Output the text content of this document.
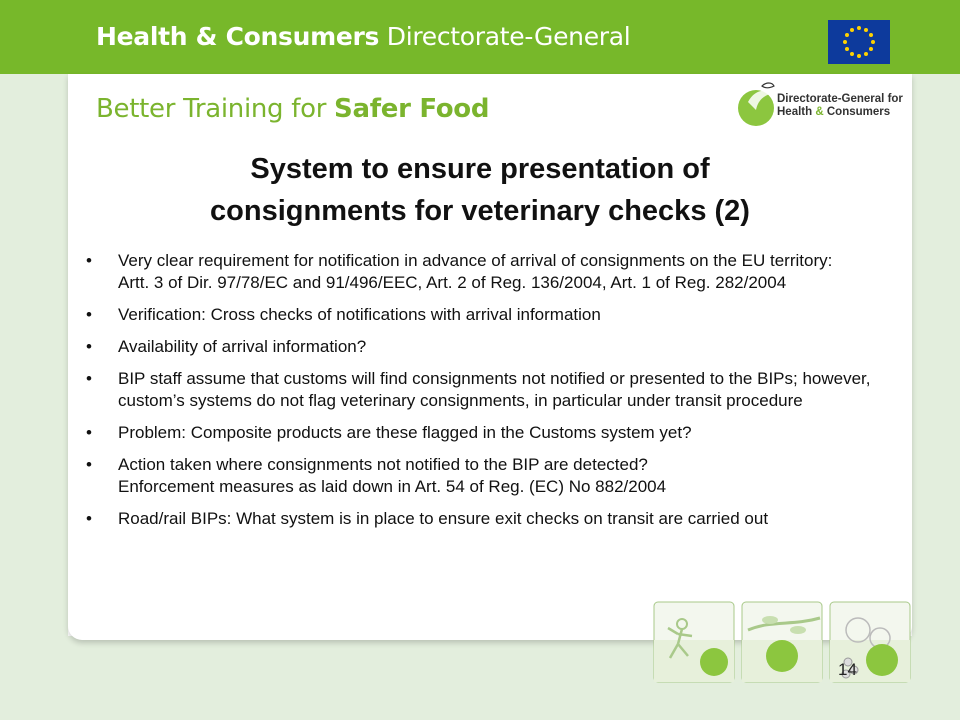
Health & Consumers Directorate-General
Better Training for Safer Food	Directorate-General for
Health & Consumers
System to ensure presentation of
consignments for veterinary checks (2)
• Very clear requirement for notification in advance of arrival of consignments on the EU territory:
Artt. 3 of Dir. 97/78/EC and 91/496/EEC, Art. 2 of Reg. 136/2004, Art. 1 of Reg. 282/2004
• Verification: Cross checks of notifications with arrival information
• Availability of arrival information?
• BIP staff assume that customs will find consignments not notified or presented to the BIPs; however, custom’s systems do not flag veterinary consignments, in particular under transit procedure
• Problem: Composite products are these flagged in the Customs system yet?
• Action taken where consignments not notified to the BIP are detected?
Enforcement measures as laid down in Art. 54 of Reg. (EC) No 882/2004
• Road/rail BIPs: What system is in place to ensure exit checks on transit are carried out
14
